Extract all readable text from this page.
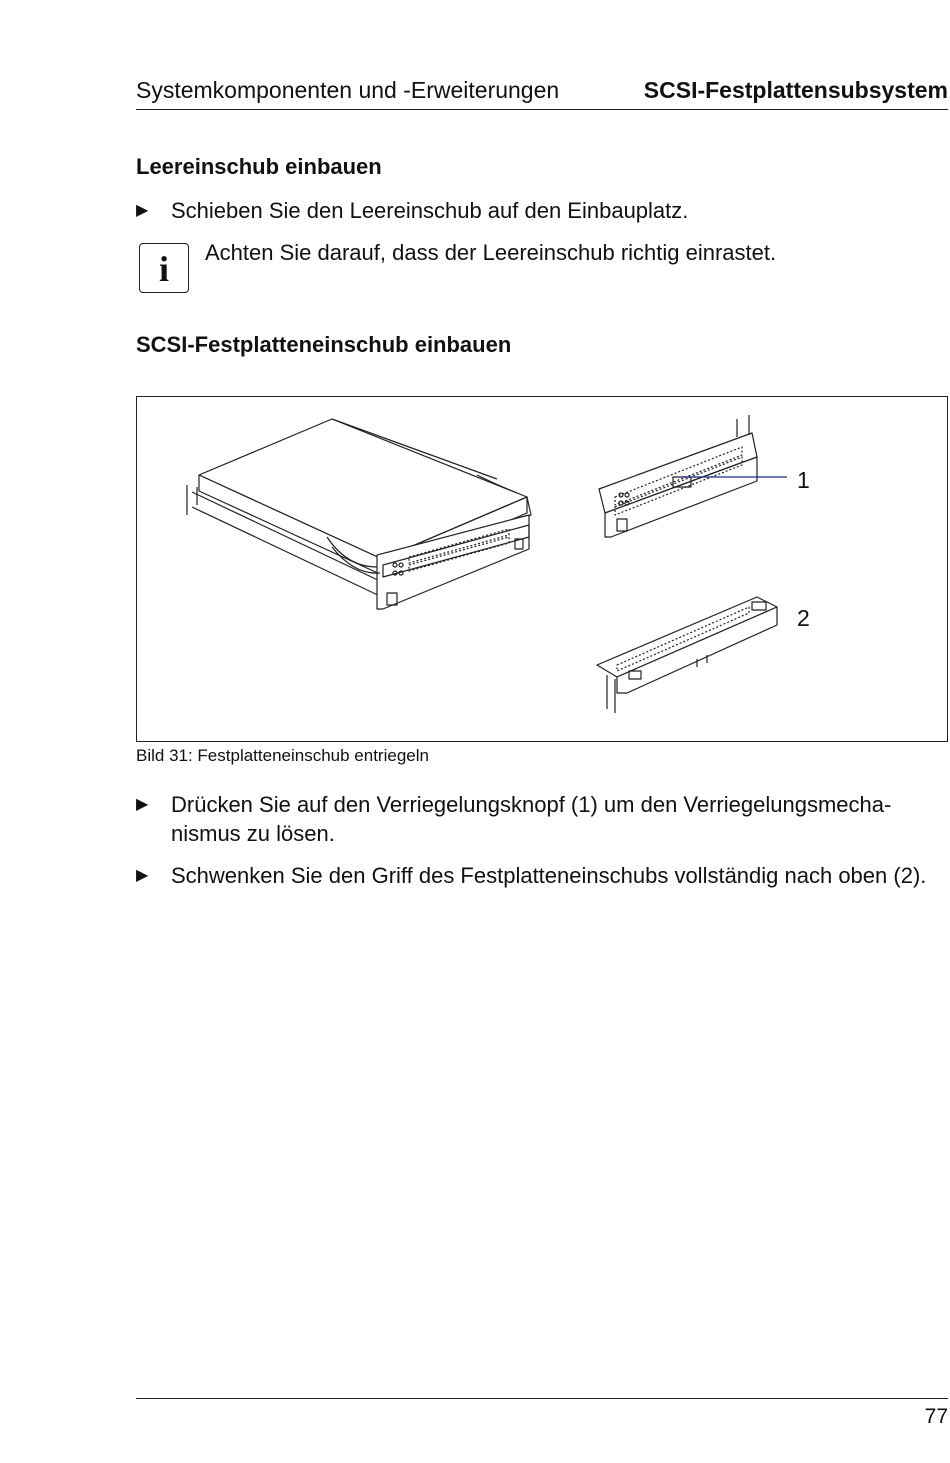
Systemkomponenten und -Erweiterungen	SCSI-Festplattensubsystem
Leereinschub einbauen
▶ Schieben Sie den Leereinschub auf den Einbauplatz.
i	Achten Sie darauf, dass der Leereinschub richtig einrastet.
SCSI-Festplatteneinschub einbauen
1
2
Bild 31: Festplatteneinschub entriegeln
▶ Drücken Sie auf den Verriegelungsknopf (1) um den Verriegelungsmecha-nismus zu lösen.
▶ Schwenken Sie den Griff des Festplatteneinschubs vollständig nach oben (2).
77
